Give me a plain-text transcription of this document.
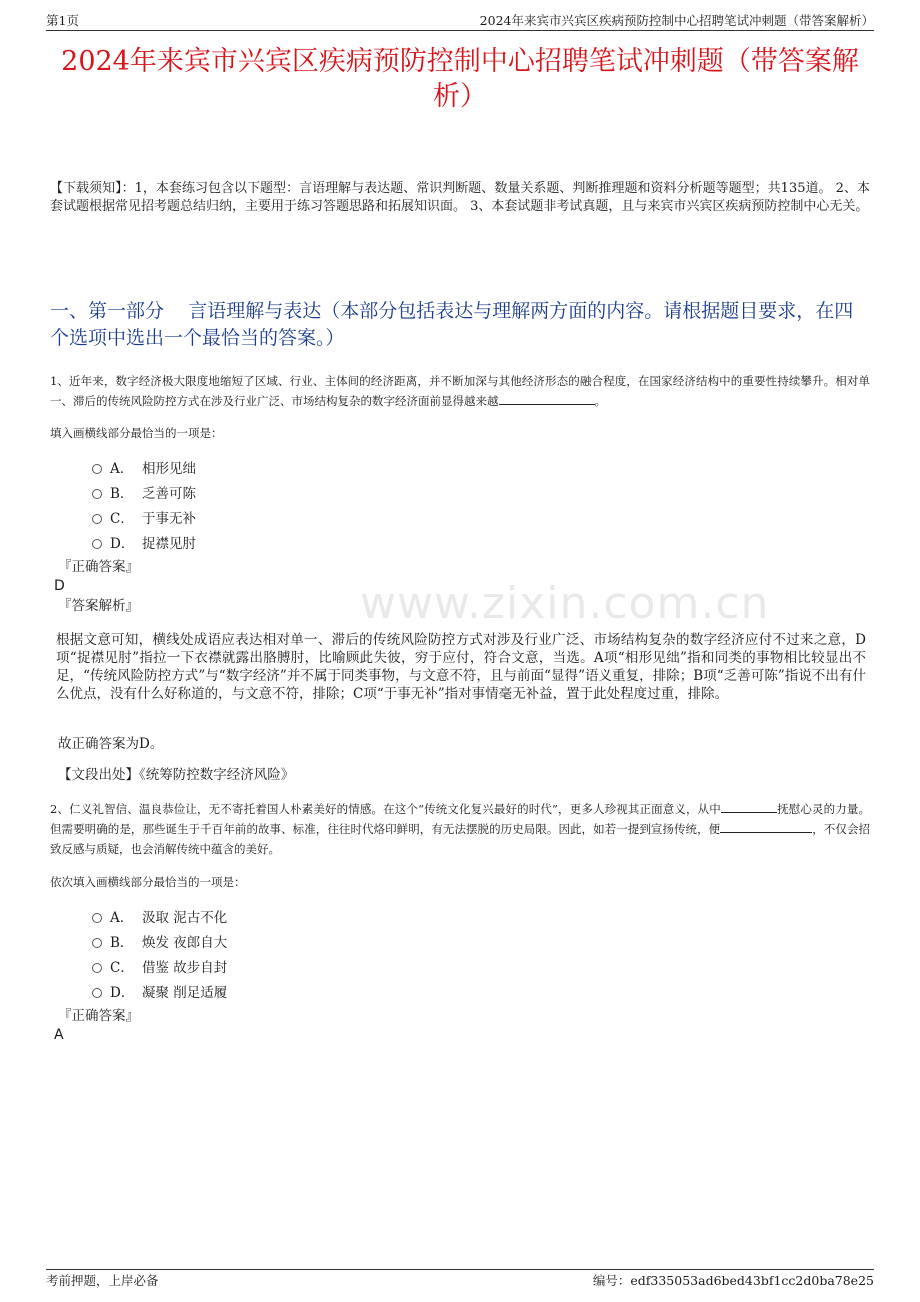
第1页	2024年来宾市兴宾区疾病预防控制中心招聘笔试冲刺题（带答案解析）
2024年来宾市兴宾区疾病预防控制中心招聘笔试冲刺题（带答案解析）
【下载须知】：1，本套练习包含以下题型：言语理解与表达题、常识判断题、数量关系题、判断推理题和资料分析题等题型；共135道。 2、本套试题根据常见招考题总结归纳，主要用于练习答题思路和拓展知识面。 3、本套试题非考试真题，且与来宾市兴宾区疾病预防控制中心无关。
一、第一部分 言语理解与表达（本部分包括表达与理解两方面的内容。请根据题目要求，在四个选项中选出一个最恰当的答案。）
1、近年来，数字经济极大限度地缩短了区域、行业、主体间的经济距离，并不断加深与其他经济形态的融合程度，在国家经济结构中的重要性持续攀升。相对单一、滞后的传统风险防控方式在涉及行业广泛、市场结构复杂的数字经济面前显得越来越	。
填入画横线部分最恰当的一项是：
A． 相形见绌
B． 乏善可陈
C． 于事无补
D． 捉襟见肘
『正确答案』
D
『答案解析』	www.zixin.com.cn
根据文意可知，横线处成语应表达相对单一、滞后的传统风险防控方式对涉及行业广泛、市场结构复杂的数字经济应付不过来之意，D项“捉襟见肘”指拉一下衣襟就露出胳膊肘，比喻顾此失彼，穷于应付，符合文意，当选。A项“相形见绌”指和同类的事物相比较显出不足，“传统风险防控方式”与“数字经济”并不属于同类事物，与文意不符，且与前面“显得”语义重复，排除；B项“乏善可陈”指说不出有什么优点，没有什么好称道的，与文意不符，排除；C项“于事无补”指对事情毫无补益，置于此处程度过重，排除。
故正确答案为D。
【文段出处】《统筹防控数字经济风险》
2、仁义礼智信、温良恭俭让，无不寄托着国人朴素美好的情感。在这个“传统文化复兴最好的时代”，更多人珍视其正面意义，从中	抚慰心灵的力量。但需要明确的是，那些诞生于千百年前的故事、标准，往往时代烙印鲜明，有无法摆脱的历史局限。因此，如若一提到宣扬传统，便	，不仅会招致反感与质疑，也会消解传统中蕴含的美好。
依次填入画横线部分最恰当的一项是：
A． 汲取 泥古不化
B． 焕发 夜郎自大
C． 借鉴 故步自封
D． 凝聚 削足适履
『正确答案』
A
考前押题，上岸必备	编号：edf335053ad6bed43bf1cc2d0ba78e25
